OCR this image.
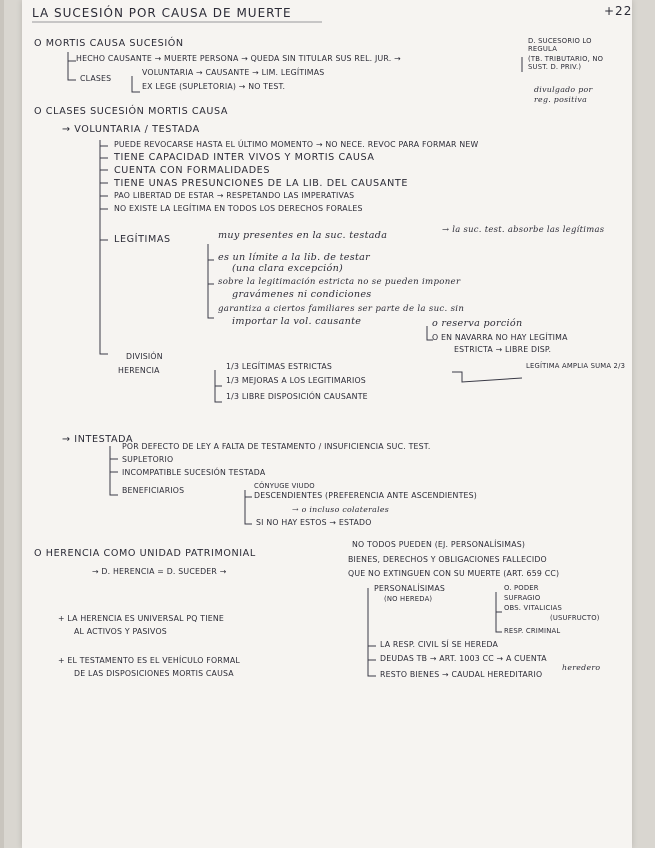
LA SUCESIÓN POR CAUSA DE MUERTE	+22
O MORTIS CAUSA SUCESIÓN
HECHO CAUSANTE → MUERTE PERSONA → QUEDA SIN TITULAR SUS REL. JUR. →
D. SUCESORIO LO REGULA
(TB. TRIBUTARIO, NO SUST. D. PRIV.)
CLASES
VOLUNTARIA → CAUSANTE → LIM. LEGÍTIMAS
EX LEGE (SUPLETORIA) → NO TEST.	divulgado por
reg. positiva
O CLASES SUCESIÓN MORTIS CAUSA
→ VOLUNTARIA / TESTADA
PUEDE REVOCARSE HASTA EL ÚLTIMO MOMENTO → NO NECE. REVOC PARA FORMAR NEW
TIENE CAPACIDAD INTER VIVOS Y MORTIS CAUSA
CUENTA CON FORMALIDADES
TIENE UNAS PRESUNCIONES DE LA LIB. DEL CAUSANTE
PAO LIBERTAD DE ESTAR → RESPETANDO LAS IMPERATIVAS
NO EXISTE LA LEGÍTIMA EN TODOS LOS DERECHOS FORALES
LEGÍTIMAS	muy presentes en la suc. testada
→ la suc. test. absorbe las legítimas
es un límite a la lib. de testar
(una clara excepción)
sobre la legitimación estricta no se pueden imponer
gravámenes ni condiciones
garantiza a ciertos familiares ser parte de la suc. sin
importar la vol. causante	o reserva porción
O EN NAVARRA NO HAY LEGÍTIMA
ESTRICTA → LIBRE DISP.
DIVISIÓN
HERENCIA	1/3 LEGÍTIMAS ESTRICTAS
1/3 MEJORAS A LOS LEGITIMARIOS
1/3 LIBRE DISPOSICIÓN CAUSANTE
LEGÍTIMA AMPLIA SUMA 2/3
→ INTESTADA
POR DEFECTO DE LEY A FALTA DE TESTAMENTO / INSUFICIENCIA SUC. TEST.
SUPLETORIO
INCOMPATIBLE SUCESIÓN TESTADA
BENEFICIARIOS	CÓNYUGE VIUDO
DESCENDIENTES (PREFERENCIA ANTE ASCENDIENTES)
→ o incluso colaterales
SI NO HAY ESTOS → ESTADO
NO TODOS PUEDEN (EJ. PERSONALÍSIMAS)
O HERENCIA COMO UNIDAD PATRIMONIAL
BIENES, DERECHOS Y OBLIGACIONES FALLECIDO
→ D. HERENCIA = D. SUCEDER →	QUE NO EXTINGUEN CON SU MUERTE (ART. 659 CC)
PERSONALÍSIMAS
(NO HEREDA)
O. PODER
SUFRAGIO
OBS. VITALICIAS
(USUFRUCTO)
RESP. CRIMINAL
LA RESP. CIVIL SÍ SE HEREDA
DEUDAS TB → ART. 1003 CC → A CUENTA
heredero
RESTO BIENES → CAUDAL HEREDITARIO
+ LA HERENCIA ES UNIVERSAL PQ TIENE
AL ACTIVOS Y PASIVOS
+ EL TESTAMENTO ES EL VEHÍCULO FORMAL
DE LAS DISPOSICIONES MORTIS CAUSA
